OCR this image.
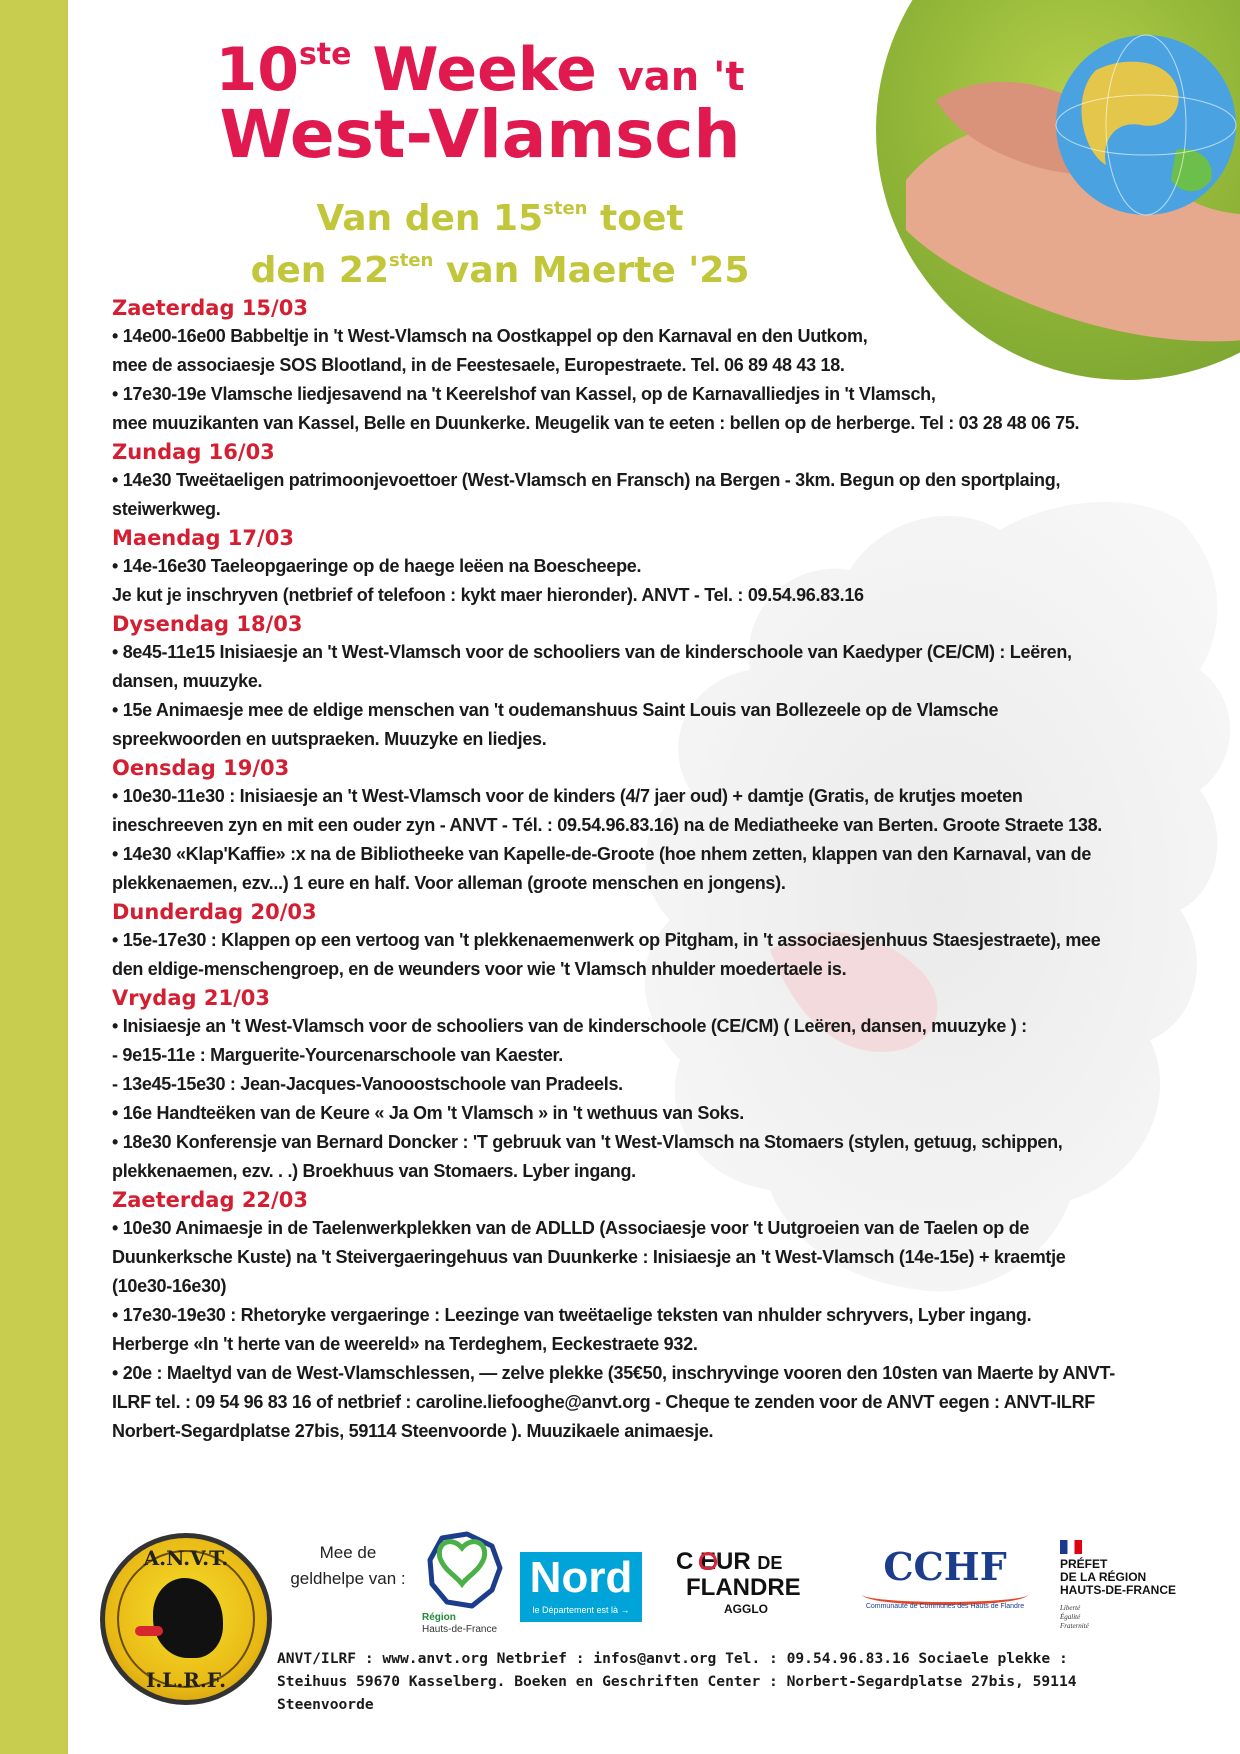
10ste Weeke van 't
West-Vlamsch
Van den $15^{sten}$ toet
den $22^{sten}$ van Maerte '25
Zaeterdag 15/03
• 14e00-16e00 Babbeltje in 't West-Vlamsch na Oostkappel op den Karnaval en den Uutkom,
mee de associaesje SOS Blootland, in de Feestesaele, Europestraete. Tel. 06 89 48 43 18.
• 17e30-19e Vlamsche liedjesavend na 't Keerelshof van Kassel, op de Karnavalliedjes in 't Vlamsch,
mee muuzikanten van Kassel, Belle en Duunkerke. Meugelik van te eeten : bellen op de herberge. Tel : 03 28 48 06 75.
Zundag 16/03
• 14e30 Tweëtaeligen patrimoonjevoettoer (West-Vlamsch en Fransch) na Bergen - 3km. Begun op den sportplaing,
steiwerkweg.
Maendag 17/03
• 14e-16e30 Taeleopgaeringe op de haege leëen na Boescheepe.
Je kut je inschryven (netbrief of telefoon : kykt maer hieronder). ANVT - Tel. : 09.54.96.83.16
Dysendag 18/03
• 8e45-11e15 Inisiaesje an 't West-Vlamsch voor de schooliers van de kinderschoole van Kaedyper (CE/CM) : Leëren,
dansen, muuzyke.
• 15e Animaesje mee de eldige menschen van 't oudemanshuus Saint Louis van Bollezeele op de Vlamsche
spreekwoorden en uutspraeken. Muuzyke en liedjes.
Oensdag 19/03
• 10e30-11e30 : Inisiaesje an 't West-Vlamsch voor de kinders (4/7 jaer oud) + damtje (Gratis, de krutjes moeten
ineschreeven zyn en mit een ouder zyn - ANVT - Tél. : 09.54.96.83.16) na de Mediatheeke van Berten. Groote Straete 138.
• 14e30 «Klap'Kaffie» :x na de Bibliotheeke van Kapelle-de-Groote (hoe nhem zetten, klappen van den Karnaval, van de
plekkenaemen, ezv...) 1 eure en half. Voor alleman (groote menschen en jongens).
Dunderdag 20/03
• 15e-17e30 : Klappen op een vertoog van 't plekkenaemenwerk op Pitgham, in 't associaesjenhuus Staesjestraete), mee
den eldige-menschengroep, en de weunders voor wie 't Vlamsch nhulder moedertaele is.
Vrydag 21/03
• Inisiaesje an 't West-Vlamsch voor de schooliers van de kinderschoole (CE/CM) ( Leëren, dansen, muuzyke ) :
- 9e15-11e : Marguerite-Yourcenarschoole van Kaester.
- 13e45-15e30 : Jean-Jacques-Vanooostschoole van Pradeels.
• 16e Handteëken van de Keure « Ja Om 't Vlamsch » in 't wethuus van Soks.
• 18e30 Konferensje van Bernard Doncker : 'T gebruuk van 't West-Vlamsch na Stomaers (stylen, getuug, schippen,
plekkenaemen, ezv. . .) Broekhuus van Stomaers. Lyber ingang.
Zaeterdag 22/03
• 10e30 Animaesje in de Taelenwerkplekken van de ADLLD (Associaesje voor 't Uutgroeien van de Taelen op de
Duunkerksche Kuste) na 't Steivergaeringehuus van Duunkerke : Inisiaesje an 't West-Vlamsch (14e-15e) + kraemtje
(10e30-16e30)
• 17e30-19e30 : Rhetoryke vergaeringe : Leezinge van tweëtaelige teksten van nhulder schryvers, Lyber ingang.
Herberge «In 't herte van de weereld» na Terdeghem, Eeckestraete 932.
• 20e : Maeltyd van de West-Vlamschlessen, — zelve plekke (35€50, inschryvinge vooren den 10sten van Maerte by ANVT-
ILRF tel. : 09 54 96 83 16 of netbrief : caroline.liefooghe@anvt.org - Cheque te zenden voor de ANVT eegen : ANVT-ILRF
Norbert-Segardplatse 27bis, 59114 Steenvoorde ). Muuzikaele animaesje.
A.N.V.T.
I.L.R.F.
Mee de
geldhelpe van :
Région
Hauts-de-France
Nord
le Département est là →
C EUR DE
FLANDRE
AGGLO
CCHF
Communauté de Communes des Hauts de Flandre
PRÉFET
DE LA RÉGION
HAUTS-DE-FRANCE
Liberté
Égalité
Fraternité
ANVT/ILRF : www.anvt.org Netbrief : infos@anvt.org Tel. : 09.54.96.83.16 Sociaele plekke :
Steihuus 59670 Kasselberg. Boeken en Geschriften Center : Norbert-Segardplatse 27bis, 59114
Steenvoorde
